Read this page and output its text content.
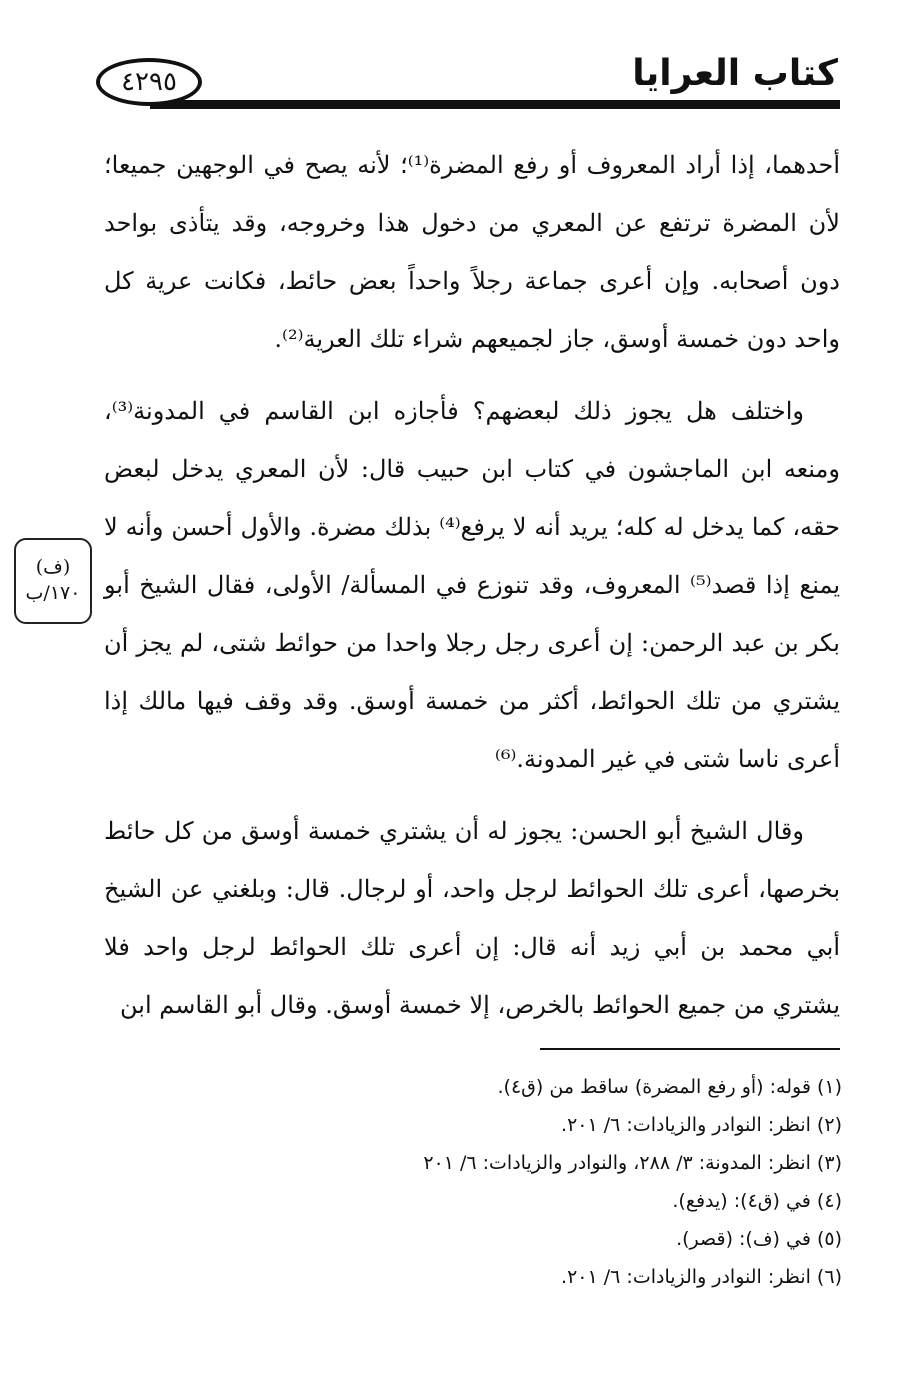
كتاب العرايا
٤٢٩٥
(ف)
١٧٠/ب

أحدهما، إذا أراد المعروف أو رفع المضرة⁽¹⁾؛ لأنه يصح في الوجهين جميعا؛ لأن المضرة ترتفع عن المعري من دخول هذا وخروجه، وقد يتأذى بواحد دون أصحابه. وإن أعرى جماعة رجلاً واحداً بعض حائط، فكانت عرية كل واحد دون خمسة أوسق، جاز لجميعهم شراء تلك العرية⁽²⁾.

واختلف هل يجوز ذلك لبعضهم؟ فأجازه ابن القاسم في المدونة⁽³⁾، ومنعه ابن الماجشون في كتاب ابن حبيب قال: لأن المعري يدخل لبعض حقه، كما يدخل له كله؛ يريد أنه لا يرفع⁽⁴⁾ بذلك مضرة. والأول أحسن وأنه لا يمنع إذا قصد⁽⁵⁾ المعروف، وقد تنوزع في المسألة/ الأولى، فقال الشيخ أبو بكر بن عبد الرحمن: إن أعرى رجل رجلا واحدا من حوائط شتى، لم يجز أن يشتري من تلك الحوائط، أكثر من خمسة أوسق. وقد وقف فيها مالك إذا أعرى ناسا شتى في غير المدونة.⁽⁶⁾

وقال الشيخ أبو الحسن: يجوز له أن يشتري خمسة أوسق من كل حائط بخرصها، أعرى تلك الحوائط لرجل واحد، أو لرجال. قال: وبلغني عن الشيخ أبي محمد بن أبي زيد أنه قال: إن أعرى تلك الحوائط لرجل واحد فلا يشتري من جميع الحوائط بالخرص، إلا خمسة أوسق. وقال أبو القاسم ابن

(١) قوله: (أو رفع المضرة) ساقط من (ق٤).
(٢) انظر: النوادر والزيادات: ٦/ ٢٠١.
(٣) انظر: المدونة: ٣/ ٢٨٨، والنوادر والزيادات: ٦/ ٢٠١
(٤) في (ق٤): (يدفع).
(٥) في (ف): (قصر).
(٦) انظر: النوادر والزيادات: ٦/ ٢٠١.
